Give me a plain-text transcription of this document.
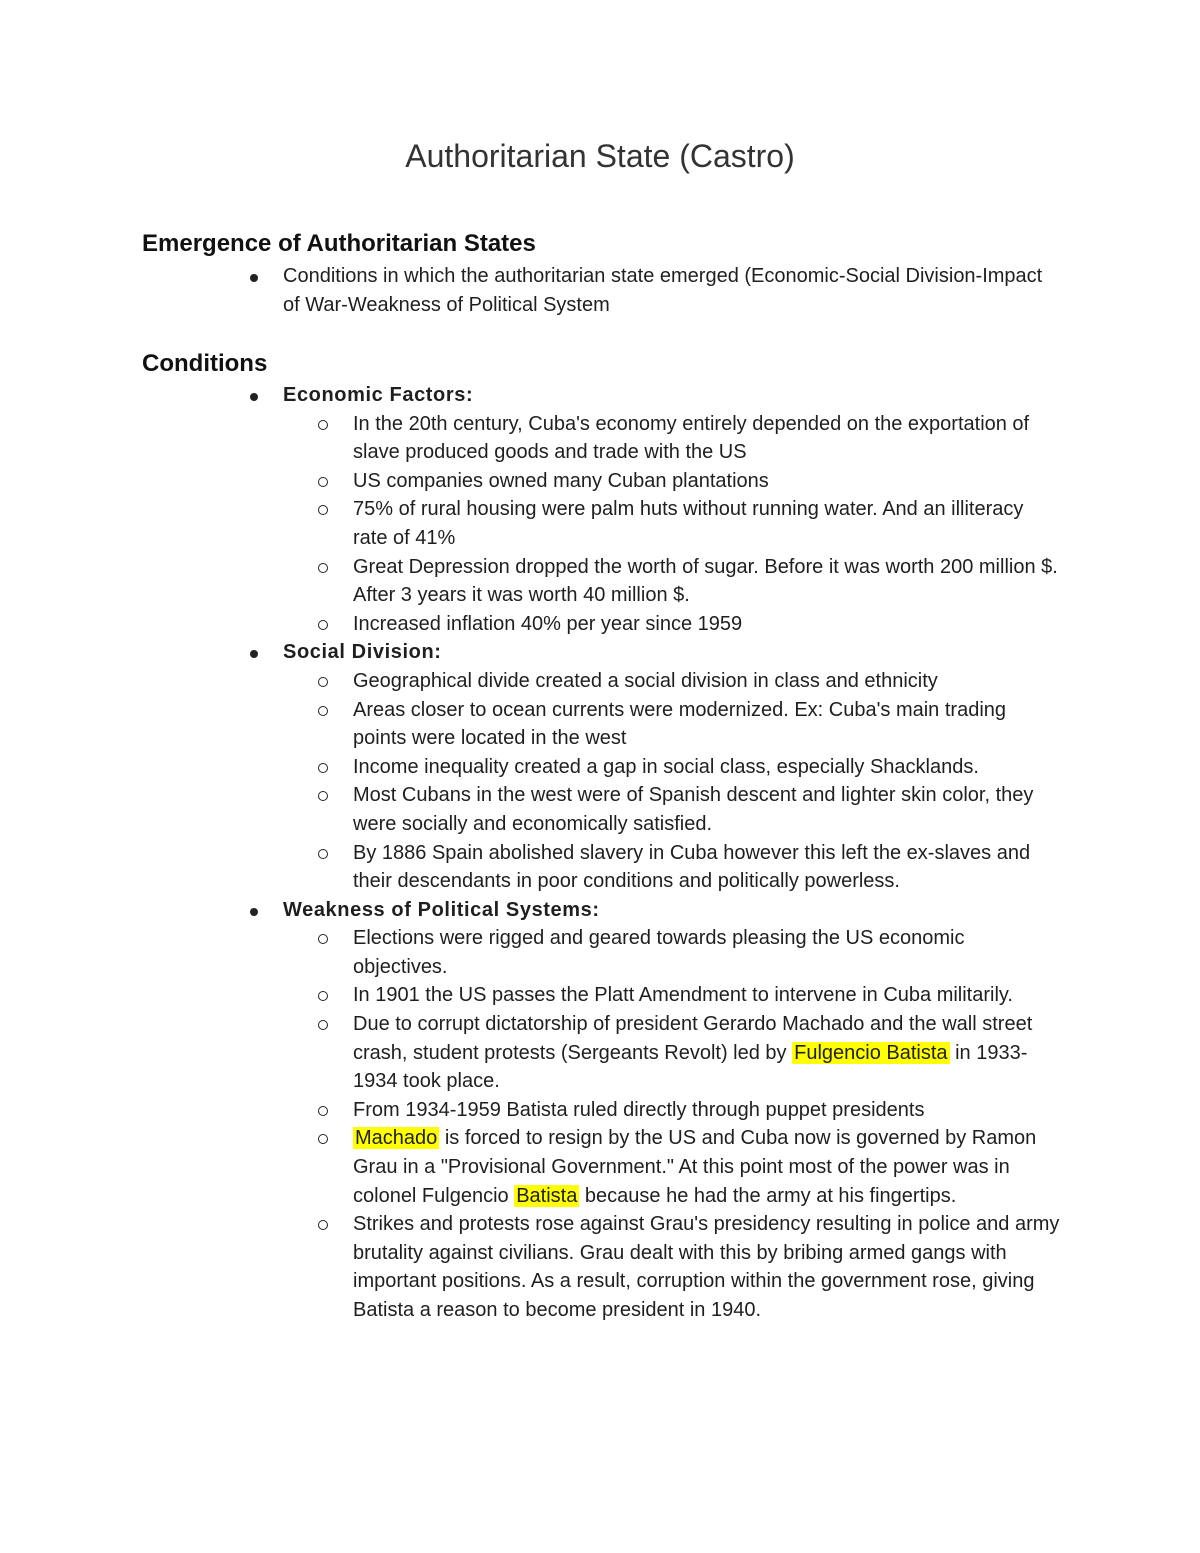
Authoritarian State (Castro)
Emergence of Authoritarian States
Conditions in which the authoritarian state emerged (Economic-Social Division-Impact of War-Weakness of Political System
Conditions
Economic Factors:
In the 20th century, Cuba's economy entirely depended on the exportation of slave produced goods and trade with the US
US companies owned many Cuban plantations
75% of rural housing were palm huts without running water. And an illiteracy rate of 41%
Great Depression dropped the worth of sugar. Before it was worth 200 million $. After 3 years it was worth 40 million $.
Increased inflation 40% per year since 1959
Social Division:
Geographical divide created a social division in class and ethnicity
Areas closer to ocean currents were modernized. Ex: Cuba's main trading points were located in the west
Income inequality created a gap in social class, especially Shacklands.
Most Cubans in the west were of Spanish descent and lighter skin color, they were socially and economically satisfied.
By 1886 Spain abolished slavery in Cuba however this left the ex-slaves and their descendants in poor conditions and politically powerless.
Weakness of Political Systems:
Elections were rigged and geared towards pleasing the US economic objectives.
In 1901 the US passes the Platt Amendment to intervene in Cuba militarily.
Due to corrupt dictatorship of president Gerardo Machado and the wall street crash, student protests (Sergeants Revolt) led by Fulgencio Batista in 1933-1934 took place.
From 1934-1959 Batista ruled directly through puppet presidents
Machado is forced to resign by the US and Cuba now is governed by Ramon Grau in a "Provisional Government." At this point most of the power was in colonel Fulgencio Batista because he had the army at his fingertips.
Strikes and protests rose against Grau's presidency resulting in police and army brutality against civilians. Grau dealt with this by bribing armed gangs with important positions. As a result, corruption within the government rose, giving Batista a reason to become president in 1940.
